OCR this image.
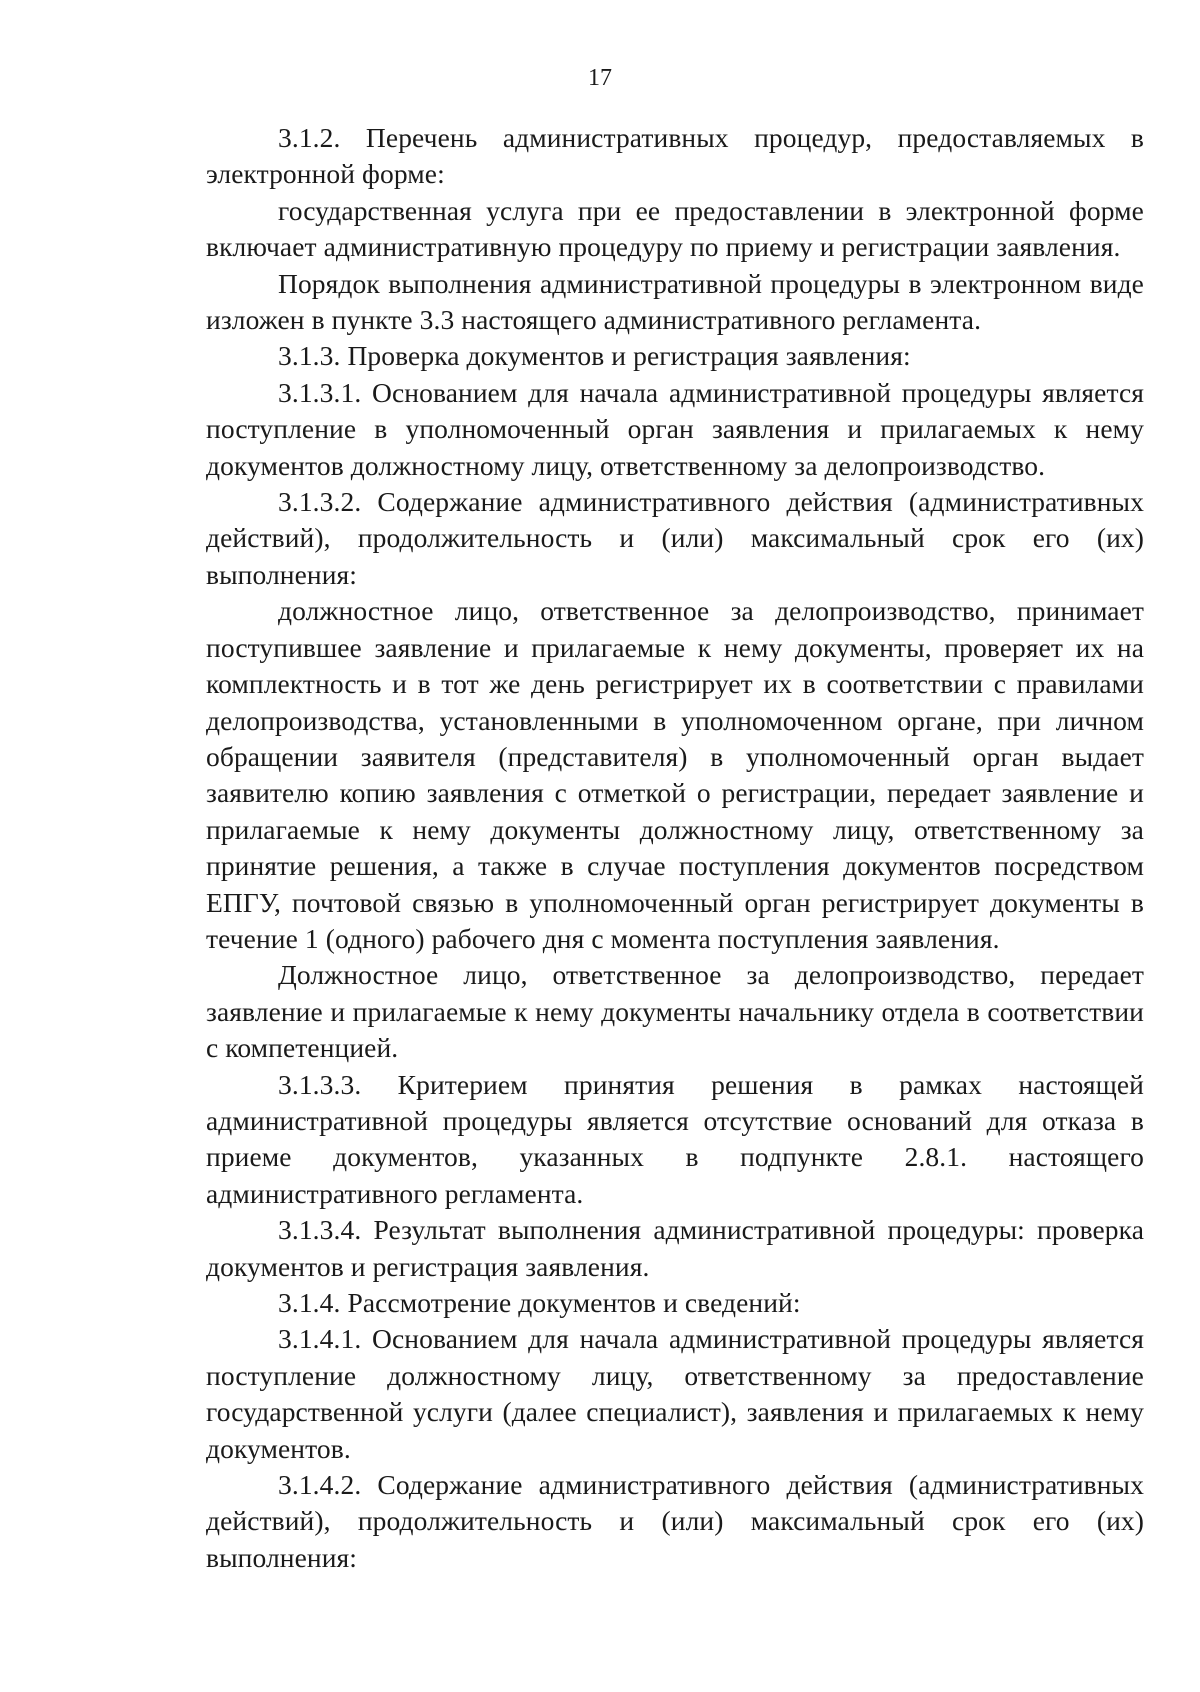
17

3.1.2. Перечень административных процедур, предоставляемых в электронной форме:

государственная услуга при ее предоставлении в электронной форме включает административную процедуру по приему и регистрации заявления.

Порядок выполнения административной процедуры в электронном виде изложен в пункте 3.3 настоящего административного регламента.

3.1.3. Проверка документов и регистрация заявления:

3.1.3.1. Основанием для начала административной процедуры является поступление в уполномоченный орган заявления и прилагаемых к нему документов должностному лицу, ответственному за делопроизводство.

3.1.3.2. Содержание административного действия (административных действий), продолжительность и (или) максимальный срок его (их) выполнения:

должностное лицо, ответственное за делопроизводство, принимает поступившее заявление и прилагаемые к нему документы, проверяет их на комплектность и в тот же день регистрирует их в соответствии с правилами делопроизводства, установленными в уполномоченном органе, при личном обращении заявителя (представителя) в уполномоченный орган выдает заявителю копию заявления с отметкой о регистрации, передает заявление и прилагаемые к нему документы должностному лицу, ответственному за принятие решения, а также в случае поступления документов посредством ЕПГУ, почтовой связью в уполномоченный орган регистрирует документы в течение 1 (одного) рабочего дня с момента поступления заявления.

Должностное лицо, ответственное за делопроизводство, передает заявление и прилагаемые к нему документы начальнику отдела в соответствии с компетенцией.

3.1.3.3. Критерием принятия решения в рамках настоящей административной процедуры является отсутствие оснований для отказа в приеме документов, указанных в подпункте 2.8.1. настоящего административного регламента.

3.1.3.4. Результат выполнения административной процедуры: проверка документов и регистрация заявления.

3.1.4. Рассмотрение документов и сведений:

3.1.4.1. Основанием для начала административной процедуры является поступление должностному лицу, ответственному за предоставление государственной услуги (далее специалист), заявления и прилагаемых к нему документов.

3.1.4.2. Содержание административного действия (административных действий), продолжительность и (или) максимальный срок его (их) выполнения:
